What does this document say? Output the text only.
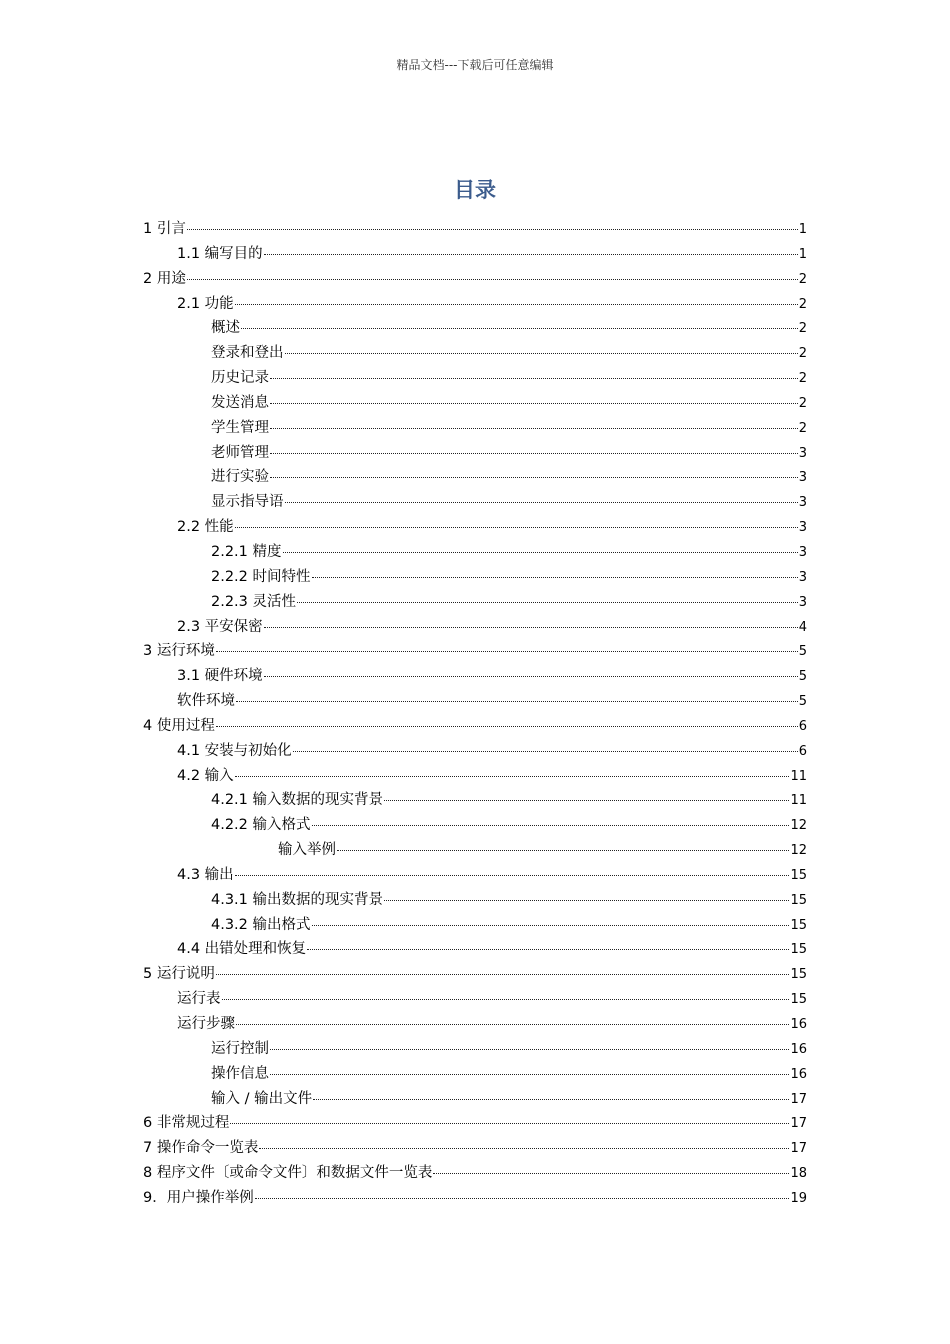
精品文档---下载后可任意编辑
目录
1 引言	1
1.1 编写目的	1
2 用途	2
2.1 功能	2
概述	2
登录和登出	2
历史记录	2
发送消息	2
学生管理	2
老师管理	3
进行实验	3
显示指导语	3
2.2 性能	3
2.2.1 精度	3
2.2.2 时间特性	3
2.2.3 灵活性	3
2.3 平安保密	4
3 运行环境	5
3.1 硬件环境	5
软件环境	5
4 使用过程	6
4.1 安装与初始化	6
4.2 输入	11
4.2.1 输入数据的现实背景	11
4.2.2 输入格式	12
输入举例	12
4.3 输出	15
4.3.1 输出数据的现实背景	15
4.3.2 输出格式	15
4.4 出错处理和恢复	15
5 运行说明	15
运行表	15
运行步骤	16
运行控制	16
操作信息	16
输入 / 输出文件	17
6 非常规过程	17
7 操作命令一览表	17
8 程序文件〔或命令文件〕和数据文件一览表	18
9．用户操作举例	19
